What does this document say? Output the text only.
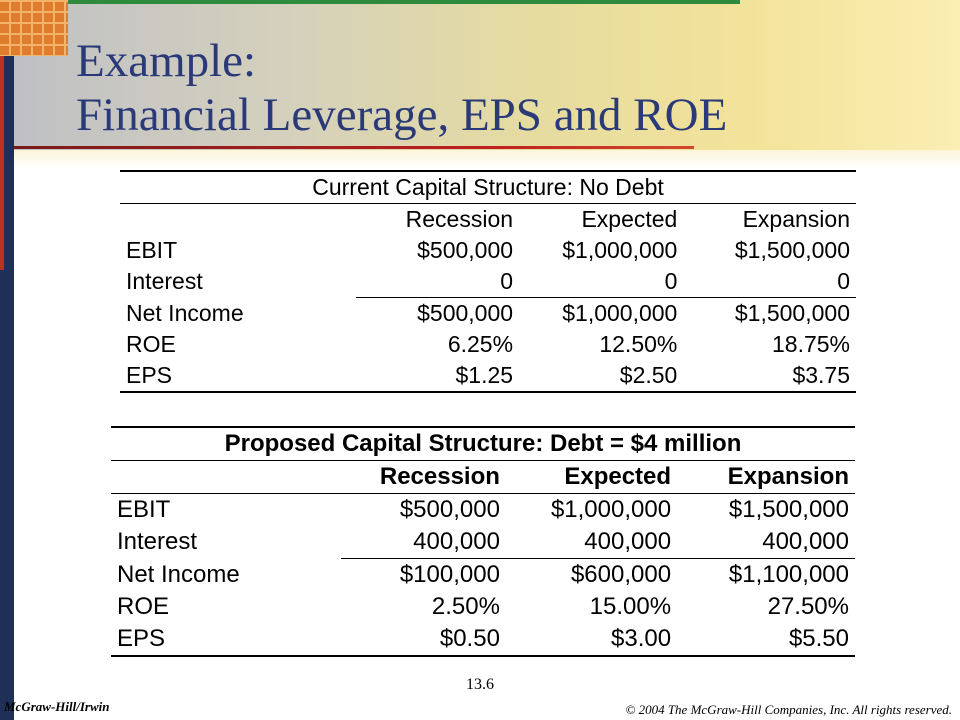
Example:
Financial Leverage, EPS and ROE
Current Capital Structure: No Debt			
	Recession	Expected	Expansion
EBIT	$500,000	$1,000,000	$1,500,000
Interest	0	0	0
Net Income	$500,000	$1,000,000	$1,500,000
ROE	6.25%	12.50%	18.75%
EPS	$1.25	$2.50	$3.75
Proposed Capital Structure: Debt = $4 million			
	Recession	Expected	Expansion
EBIT	$500,000	$1,000,000	$1,500,000
Interest	400,000	400,000	400,000
Net Income	$100,000	$600,000	$1,100,000
ROE	2.50%	15.00%	27.50%
EPS	$0.50	$3.00	$5.50
13.6
McGraw-Hill/Irwin	© 2004 The McGraw-Hill Companies, Inc. All rights reserved.
